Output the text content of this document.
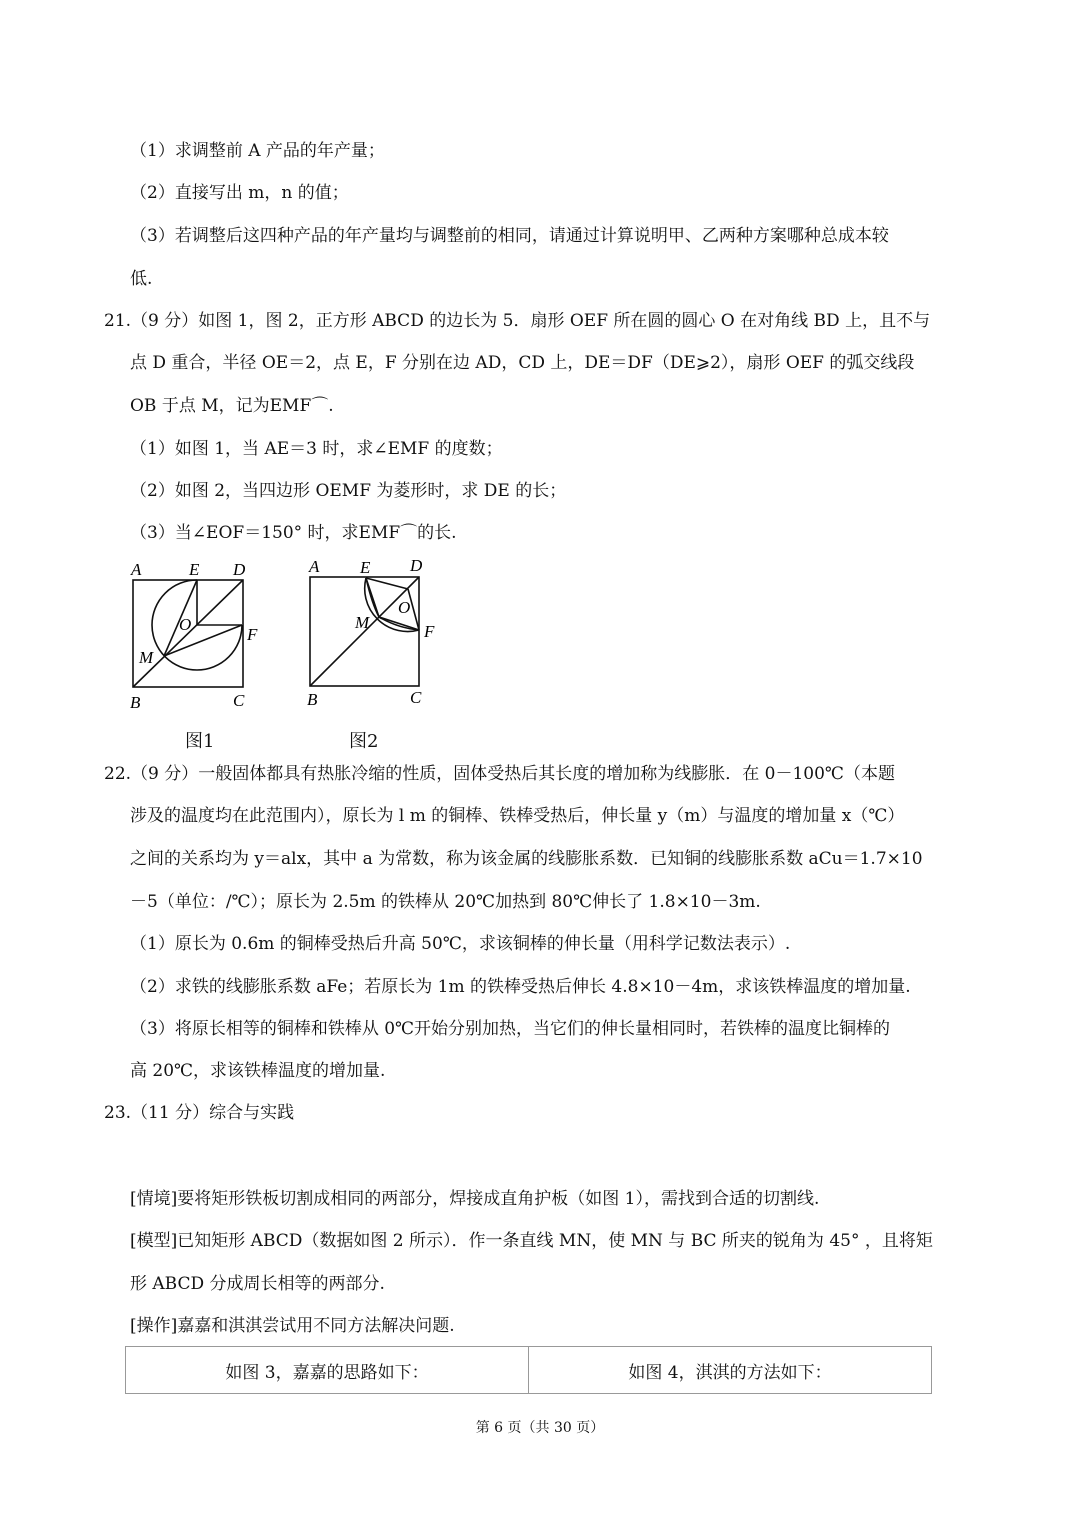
（1）求调整前 A 产品的年产量；
（2）直接写出 m，n 的值；
（3）若调整后这四种产品的年产量均与调整前的相同，请通过计算说明甲、乙两种方案哪种总成本较
低.
21.（9 分）如图 1，图 2，正方形 ABCD 的边长为 5．扇形 OEF 所在圆的圆心 O 在对角线 BD 上，且不与
点 D 重合，半径 OE＝2，点 E，F 分别在边 AD，CD 上，DE＝DF（DE⩾2），扇形 OEF 的弧交线段
OB 于点 M，记为EMF⌒.
（1）如图 1，当 AE＝3 时，求∠EMF 的度数；
（2）如图 2，当四边形 OEMF 为菱形时，求 DE 的长；
（3）当∠EOF＝150° 时，求EMF⌒的长.
22.（9 分）一般固体都具有热胀冷缩的性质，固体受热后其长度的增加称为线膨胀．在 0－100℃（本题
涉及的温度均在此范围内），原长为 l m 的铜棒、铁棒受热后，伸长量 y（m）与温度的增加量 x（℃）
之间的关系均为 y＝alx，其中 a 为常数，称为该金属的线膨胀系数．已知铜的线膨胀系数 aCu＝1.7×10
－5（单位：/℃）；原长为 2.5m 的铁棒从 20℃加热到 80℃伸长了 1.8×10－3m.
（1）原长为 0.6m 的铜棒受热后升高 50℃，求该铜棒的伸长量（用科学记数法表示）.
（2）求铁的线膨胀系数 aFe；若原长为 1m 的铁棒受热后伸长 4.8×10－4m，求该铁棒温度的增加量.
（3）将原长相等的铜棒和铁棒从 0℃开始分别加热，当它们的伸长量相同时，若铁棒的温度比铜棒的
高 20℃，求该铁棒温度的增加量.
23.（11 分）综合与实践
[情境]要将矩形铁板切割成相同的两部分，焊接成直角护板（如图 1），需找到合适的切割线.
[模型]已知矩形 ABCD（数据如图 2 所示）．作一条直线 MN，使 MN 与 BC 所夹的锐角为 45° ，且将矩
形 ABCD 分成周长相等的两部分.
[操作]嘉嘉和淇淇尝试用不同方法解决问题.
A	E D
O
F
M
B	C
图1
A E D
O
M	F
B	C
图2
如图 3，嘉嘉的思路如下：	如图 4，淇淇的方法如下：
第 6 页（共 30 页）
